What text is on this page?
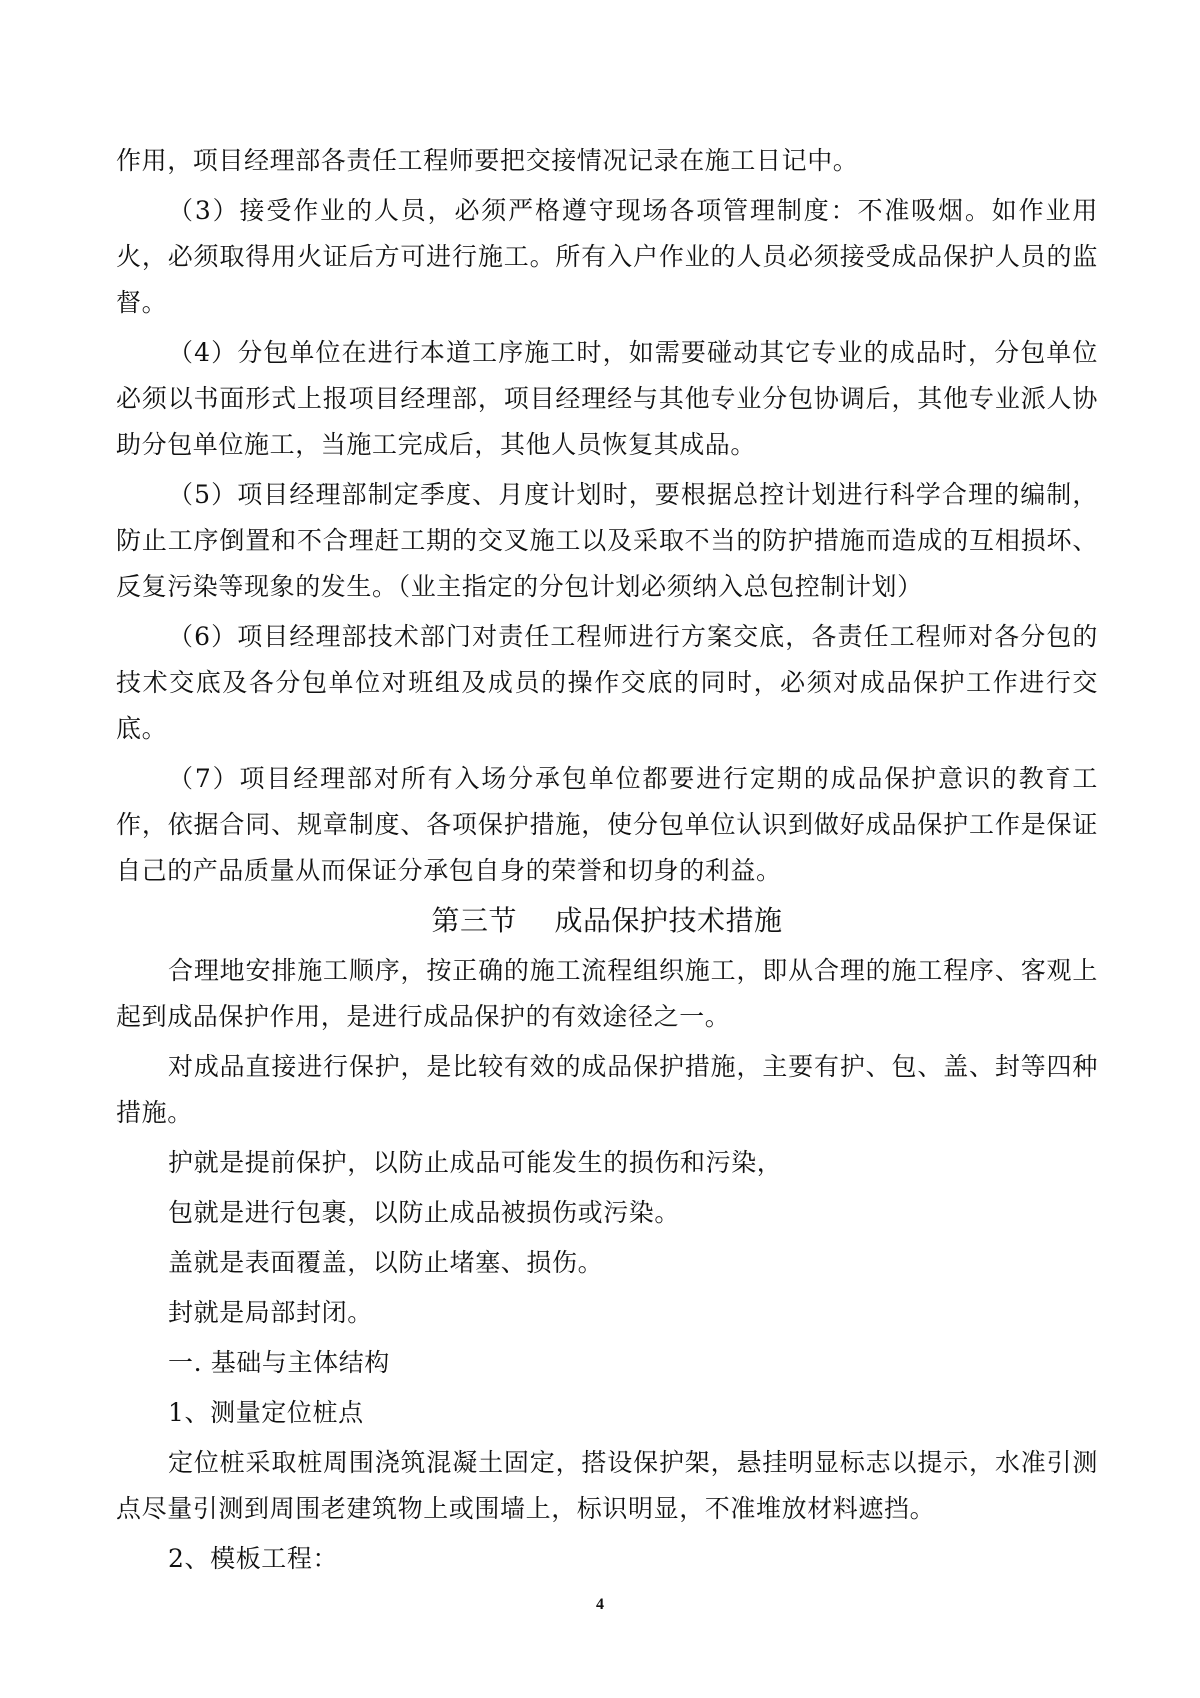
作用，项目经理部各责任工程师要把交接情况记录在施工日记中。

（3）接受作业的人员，必须严格遵守现场各项管理制度：不准吸烟。如作业用火，必须取得用火证后方可进行施工。所有入户作业的人员必须接受成品保护人员的监督。

（4）分包单位在进行本道工序施工时，如需要碰动其它专业的成品时，分包单位必须以书面形式上报项目经理部，项目经理经与其他专业分包协调后，其他专业派人协助分包单位施工，当施工完成后，其他人员恢复其成品。

（5）项目经理部制定季度、月度计划时，要根据总控计划进行科学合理的编制，防止工序倒置和不合理赶工期的交叉施工以及采取不当的防护措施而造成的互相损坏、反复污染等现象的发生。（业主指定的分包计划必须纳入总包控制计划）

（6）项目经理部技术部门对责任工程师进行方案交底，各责任工程师对各分包的技术交底及各分包单位对班组及成员的操作交底的同时，必须对成品保护工作进行交底。

（7）项目经理部对所有入场分承包单位都要进行定期的成品保护意识的教育工作，依据合同、规章制度、各项保护措施，使分包单位认识到做好成品保护工作是保证自己的产品质量从而保证分承包自身的荣誉和切身的利益。

第三节    成品保护技术措施

合理地安排施工顺序，按正确的施工流程组织施工，即从合理的施工程序、客观上起到成品保护作用，是进行成品保护的有效途径之一。

对成品直接进行保护，是比较有效的成品保护措施，主要有护、包、盖、封等四种措施。

护就是提前保护，以防止成品可能发生的损伤和污染，

包就是进行包裹，以防止成品被损伤或污染。

盖就是表面覆盖，以防止堵塞、损伤。

封就是局部封闭。

一. 基础与主体结构

1、测量定位桩点

定位桩采取桩周围浇筑混凝土固定，搭设保护架，悬挂明显标志以提示，水准引测点尽量引测到周围老建筑物上或围墙上，标识明显，不准堆放材料遮挡。

2、模板工程：

4
